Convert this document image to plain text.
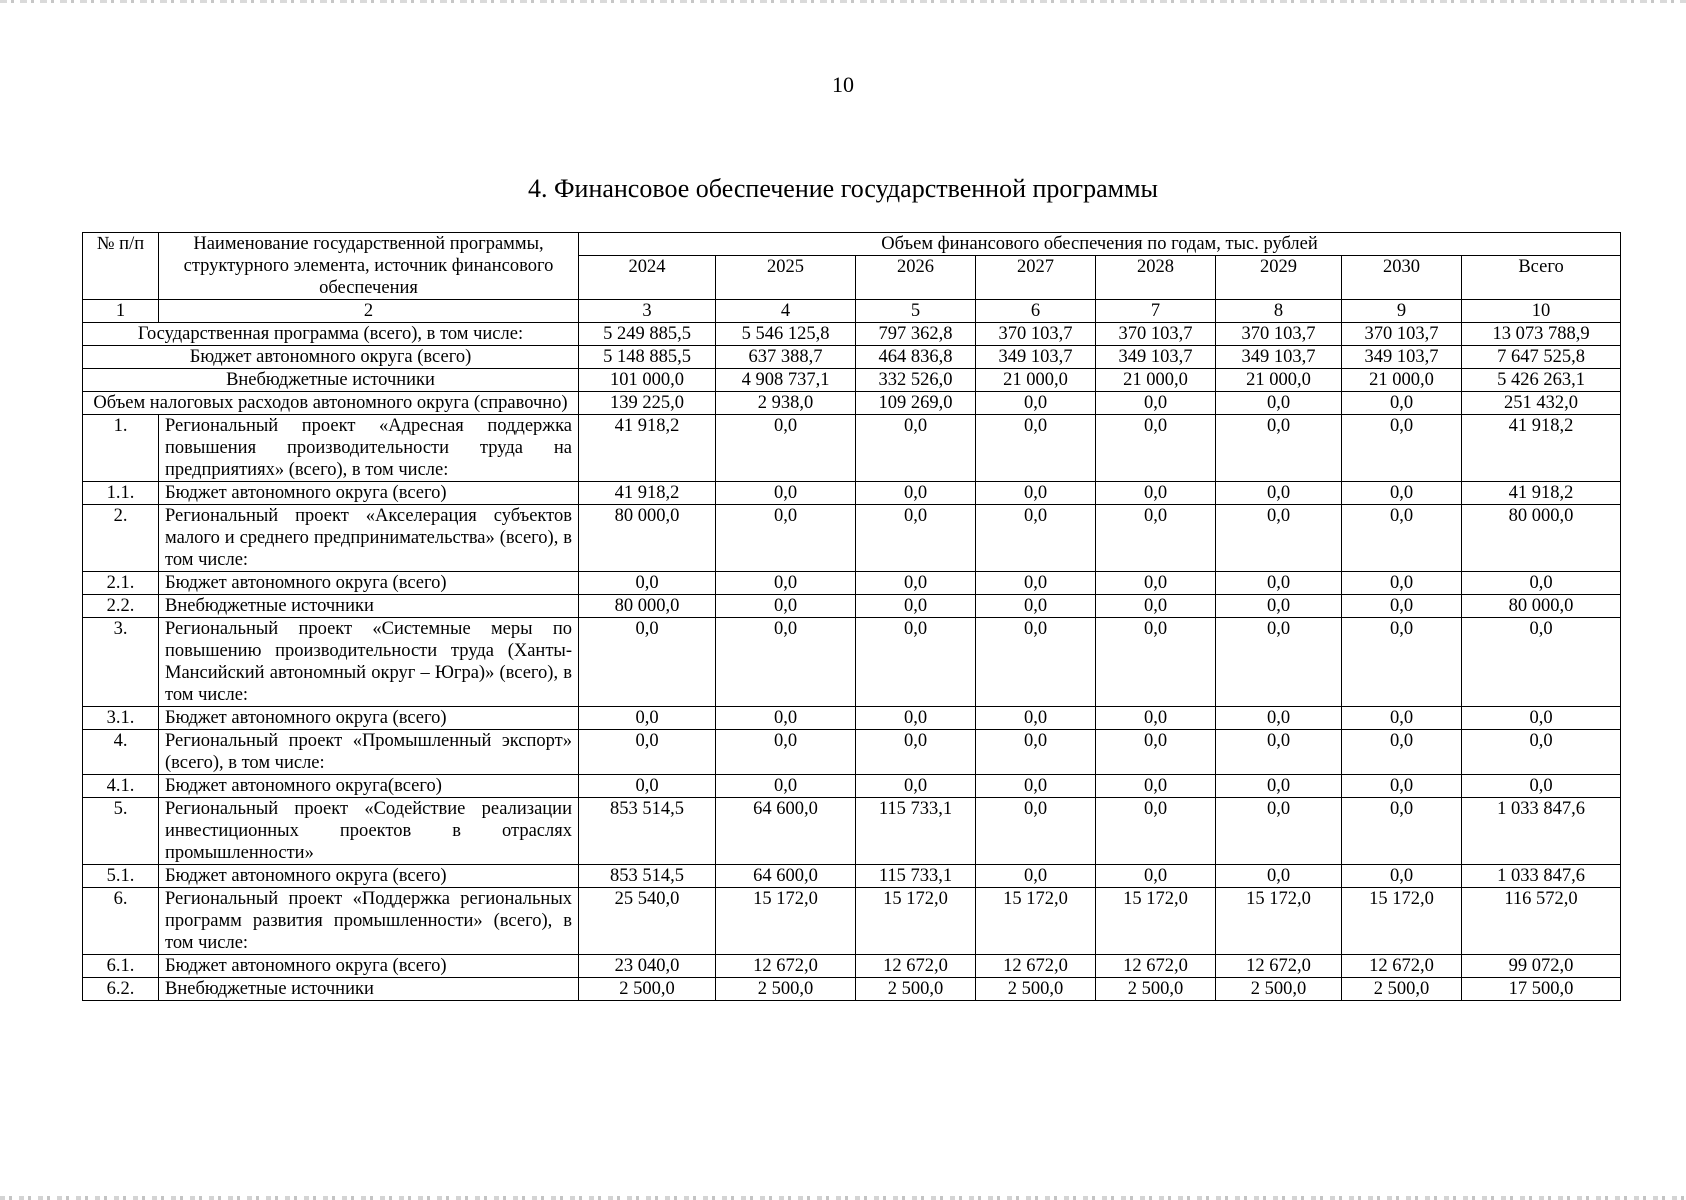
10
4. Финансовое обеспечение государственной программы
№ п/п	Наименование государственной программы, структурного элемента, источник финансового обеспечения	Объем финансового обеспечения по годам, тыс. рублей							
		2024	2025	2026	2027	2028	2029	2030	Всего
1	2	3	4	5	6	7	8	9	10
Государственная программа (всего), в том числе:		5 249 885,5	5 546 125,8	797 362,8	370 103,7	370 103,7	370 103,7	370 103,7	13 073 788,9
Бюджет автономного округа (всего)		5 148 885,5	637 388,7	464 836,8	349 103,7	349 103,7	349 103,7	349 103,7	7 647 525,8
Внебюджетные источники		101 000,0	4 908 737,1	332 526,0	21 000,0	21 000,0	21 000,0	21 000,0	5 426 263,1
Объем налоговых расходов автономного округа (справочно)		139 225,0	2 938,0	109 269,0	0,0	0,0	0,0	0,0	251 432,0
1.	Региональный проект «Адресная поддержка повышения производительности труда на предприятиях» (всего), в том числе:	41 918,2	0,0	0,0	0,0	0,0	0,0	0,0	41 918,2
1.1.	Бюджет автономного округа (всего)	41 918,2	0,0	0,0	0,0	0,0	0,0	0,0	41 918,2
2.	Региональный проект «Акселерация субъектов малого и среднего предпринимательства» (всего), в том числе:	80 000,0	0,0	0,0	0,0	0,0	0,0	0,0	80 000,0
2.1.	Бюджет автономного округа (всего)	0,0	0,0	0,0	0,0	0,0	0,0	0,0	0,0
2.2.	Внебюджетные источники	80 000,0	0,0	0,0	0,0	0,0	0,0	0,0	80 000,0
3.	Региональный проект «Системные меры по повышению производительности труда (Ханты-Мансийский автономный округ – Югра)» (всего), в том числе:	0,0	0,0	0,0	0,0	0,0	0,0	0,0	0,0
3.1.	Бюджет автономного округа (всего)	0,0	0,0	0,0	0,0	0,0	0,0	0,0	0,0
4.	Региональный проект «Промышленный экспорт» (всего), в том числе:	0,0	0,0	0,0	0,0	0,0	0,0	0,0	0,0
4.1.	Бюджет автономного округа(всего)	0,0	0,0	0,0	0,0	0,0	0,0	0,0	0,0
5.	Региональный проект «Содействие реализации инвестиционных проектов в отраслях промышленности»	853 514,5	64 600,0	115 733,1	0,0	0,0	0,0	0,0	1 033 847,6
5.1.	Бюджет автономного округа (всего)	853 514,5	64 600,0	115 733,1	0,0	0,0	0,0	0,0	1 033 847,6
6.	Региональный проект «Поддержка региональных программ развития промышленности» (всего), в том числе:	25 540,0	15 172,0	15 172,0	15 172,0	15 172,0	15 172,0	15 172,0	116 572,0
6.1.	Бюджет автономного округа (всего)	23 040,0	12 672,0	12 672,0	12 672,0	12 672,0	12 672,0	12 672,0	99 072,0
6.2.	Внебюджетные источники	2 500,0	2 500,0	2 500,0	2 500,0	2 500,0	2 500,0	2 500,0	17 500,0
